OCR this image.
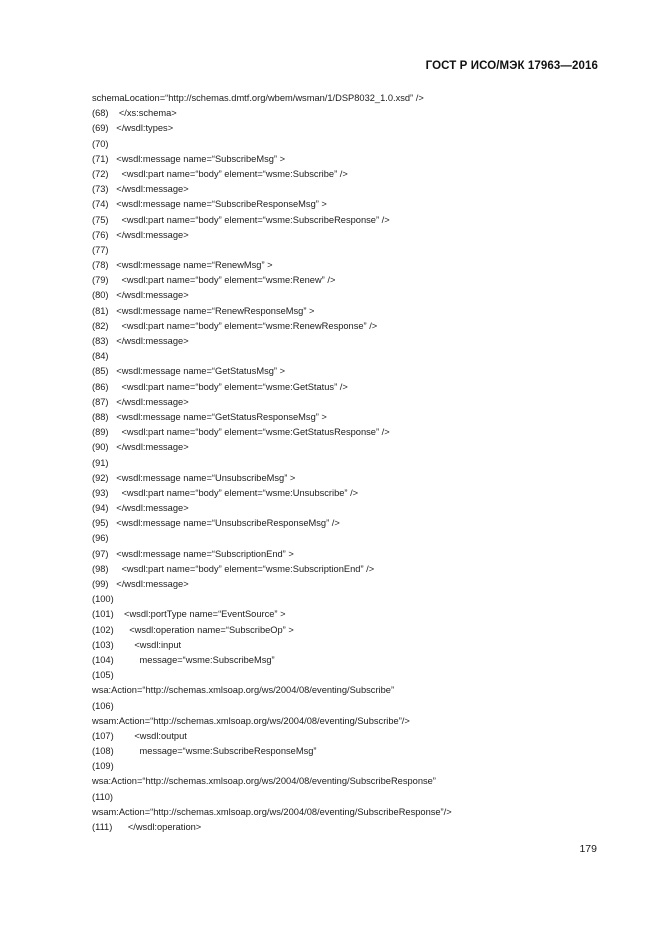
ГОСТ Р ИСО/МЭК 17963—2016
schemaLocation=“http://schemas.dmtf.org/wbem/wsman/1/DSP8032_1.0.xsd” />
(68)    </xs:schema>
(69)   </wsdl:types>
(70)
(71)   <wsdl:message name=“SubscribeMsg” >
(72)     <wsdl:part name=“body” element=“wsme:Subscribe” />
(73)   </wsdl:message>
(74)   <wsdl:message name=“SubscribeResponseMsg” >
(75)     <wsdl:part name=“body” element=“wsme:SubscribeResponse” />
(76)   </wsdl:message>
(77)
(78)   <wsdl:message name=“RenewMsg” >
(79)     <wsdl:part name=“body” element=“wsme:Renew” />
(80)   </wsdl:message>
(81)   <wsdl:message name=“RenewResponseMsg” >
(82)     <wsdl:part name=“body” element=“wsme:RenewResponse” />
(83)   </wsdl:message>
(84)
(85)   <wsdl:message name=“GetStatusMsg” >
(86)     <wsdl:part name=“body” element=“wsme:GetStatus” />
(87)   </wsdl:message>
(88)   <wsdl:message name=“GetStatusResponseMsg” >
(89)     <wsdl:part name=“body” element=“wsme:GetStatusResponse” />
(90)   </wsdl:message>
(91)
(92)   <wsdl:message name=“UnsubscribeMsg” >
(93)     <wsdl:part name=“body” element=“wsme:Unsubscribe” />
(94)   </wsdl:message>
(95)   <wsdl:message name=“UnsubscribeResponseMsg” />
(96)
(97)   <wsdl:message name=“SubscriptionEnd” >
(98)     <wsdl:part name=“body” element=“wsme:SubscriptionEnd” />
(99)   </wsdl:message>
(100)
(101)    <wsdl:portType name=“EventSource” >
(102)      <wsdl:operation name=“SubscribeOp” >
(103)        <wsdl:input
(104)          message=“wsme:SubscribeMsg”
(105)
wsa:Action=“http://schemas.xmlsoap.org/ws/2004/08/eventing/Subscribe”
(106)
wsam:Action=“http://schemas.xmlsoap.org/ws/2004/08/eventing/Subscribe”/>
(107)        <wsdl:output
(108)          message=“wsme:SubscribeResponseMsg”
(109)
wsa:Action=“http://schemas.xmlsoap.org/ws/2004/08/eventing/SubscribeResponse”
(110)
wsam:Action=“http://schemas.xmlsoap.org/ws/2004/08/eventing/SubscribeResponse”/>
(111)      </wsdl:operation>
179
